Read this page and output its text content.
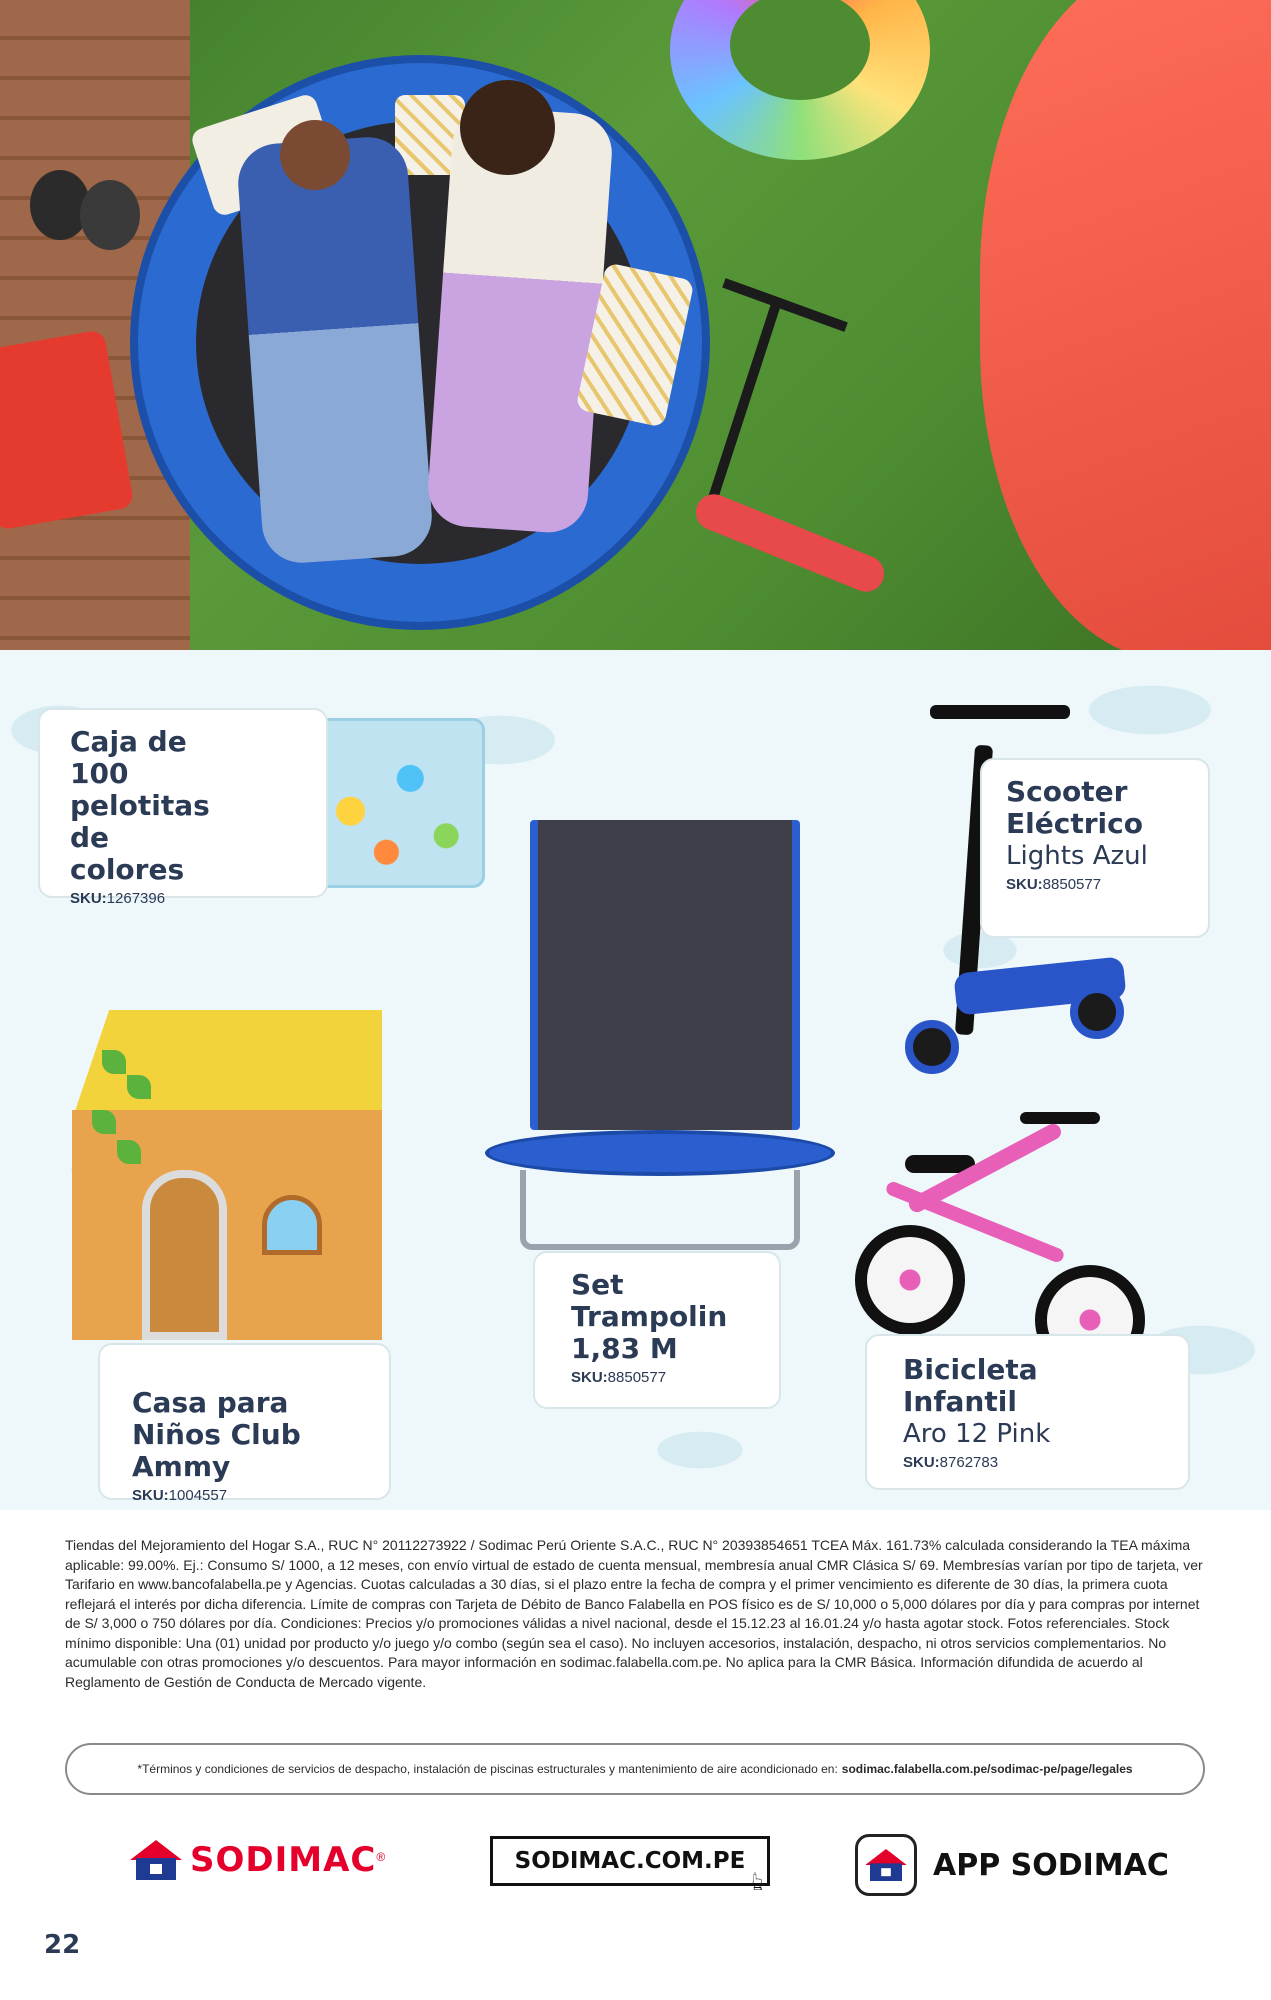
Caja de 100 pelotitas de colores
SKU:1267396
Scooter Eléctrico
Lights Azul
SKU:8850577
Set Trampolin 1,83 M
SKU:8850577
Casa para Niños Club Ammy
SKU:1004557
Bicicleta Infantil
Aro 12 Pink
SKU:8762783
Tiendas del Mejoramiento del Hogar S.A., RUC N° 20112273922 / Sodimac Perú Oriente S.A.C., RUC N° 20393854651 TCEA Máx. 161.73% calculada considerando la TEA máxima aplicable: 99.00%. Ej.: Consumo S/ 1000, a 12 meses, con envío virtual de estado de cuenta mensual, membresía anual CMR Clásica S/ 69. Membresías varían por tipo de tarjeta, ver Tarifario en www.bancofalabella.pe y Agencias. Cuotas calculadas a 30 días, si el plazo entre la fecha de compra y el primer vencimiento es diferente de 30 días, la primera cuota reflejará el interés por dicha diferencia. Límite de compras con Tarjeta de Débito de Banco Falabella en POS físico es de S/ 10,000 o 5,000 dólares por día y para compras por internet de S/ 3,000 o 750 dólares por día. Condiciones: Precios y/o promociones válidas a nivel nacional, desde el 15.12.23 al 16.01.24 y/o hasta agotar stock. Fotos referenciales. Stock mínimo disponible: Una (01) unidad por producto y/o juego y/o combo (según sea el caso). No incluyen accesorios, instalación, despacho, ni otros servicios complementarios. No acumulable con otras promociones y/o descuentos. Para mayor información en sodimac.falabella.com.pe. No aplica para la CMR Básica. Información difundida de acuerdo al Reglamento de Gestión de Conducta de Mercado vigente.
*Términos y condiciones de servicios de despacho, instalación de piscinas estructurales y mantenimiento de aire acondicionado en: sodimac.falabella.com.pe/sodimac-pe/page/legales
SODIMAC ®	SODIMAC.COM.PE
👆︎	APP SODIMAC
22
